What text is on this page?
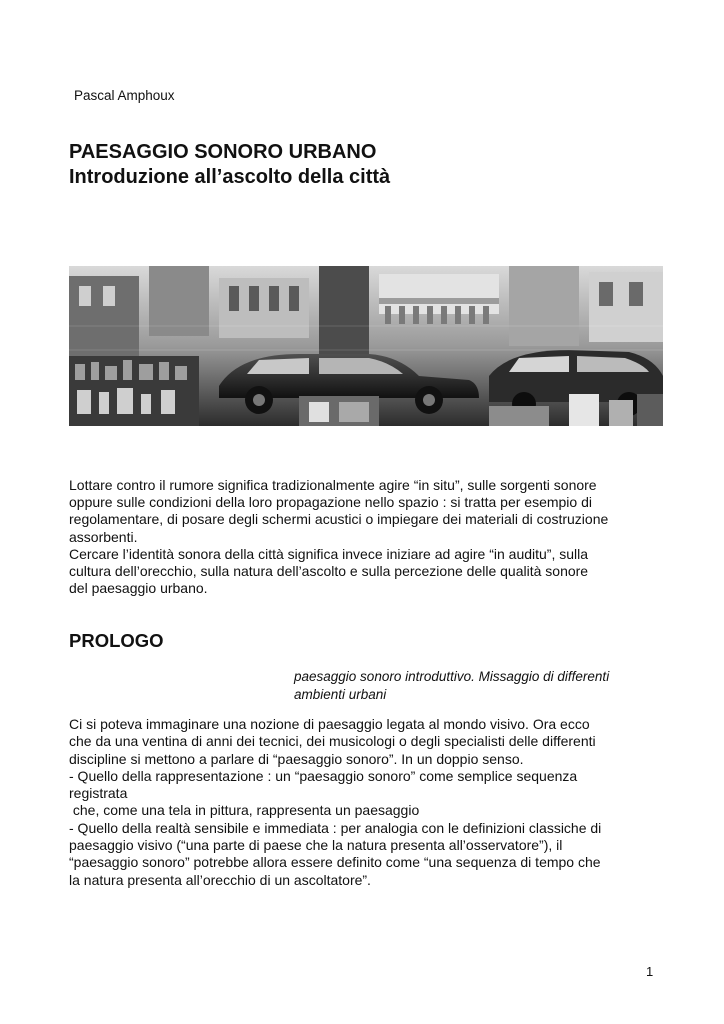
Pascal Amphoux
PAESAGGIO SONORO URBANO
Introduzione all’ascolto della città

Lottare contro il rumore significa tradizionalmente agire “in situ”, sulle sorgenti sonore

oppure sulle condizioni della loro propagazione nello spazio : si tratta per esempio di

regolamentare, di posare degli schermi acustici o impiegare dei materiali di costruzione

assorbenti.

Cercare l’identità sonora della città significa invece iniziare ad agire “in auditu”, sulla

cultura dell’orecchio, sulla natura dell’ascolto e sulla percezione delle qualità sonore

del paesaggio urbano.

PROLOGO
paesaggio sonoro introduttivo. Missaggio di differenti
ambienti urbani

Ci si poteva immaginare una nozione di paesaggio legata al mondo visivo. Ora ecco

che da una ventina di anni dei tecnici, dei musicologi o degli specialisti delle differenti

discipline si mettono a parlare di “paesaggio sonoro”. In un doppio senso.

- Quello della rappresentazione : un “paesaggio sonoro” come semplice sequenza

registrata

che, come una tela in pittura, rappresenta un paesaggio

- Quello della realtà sensibile e immediata : per analogia con le definizioni classiche di

paesaggio visivo (“una parte di paese che la natura presenta all’osservatore”), il

“paesaggio sonoro” potrebbe allora essere definito come “una sequenza di tempo che

la natura presenta all’orecchio di un ascoltatore”.

1
